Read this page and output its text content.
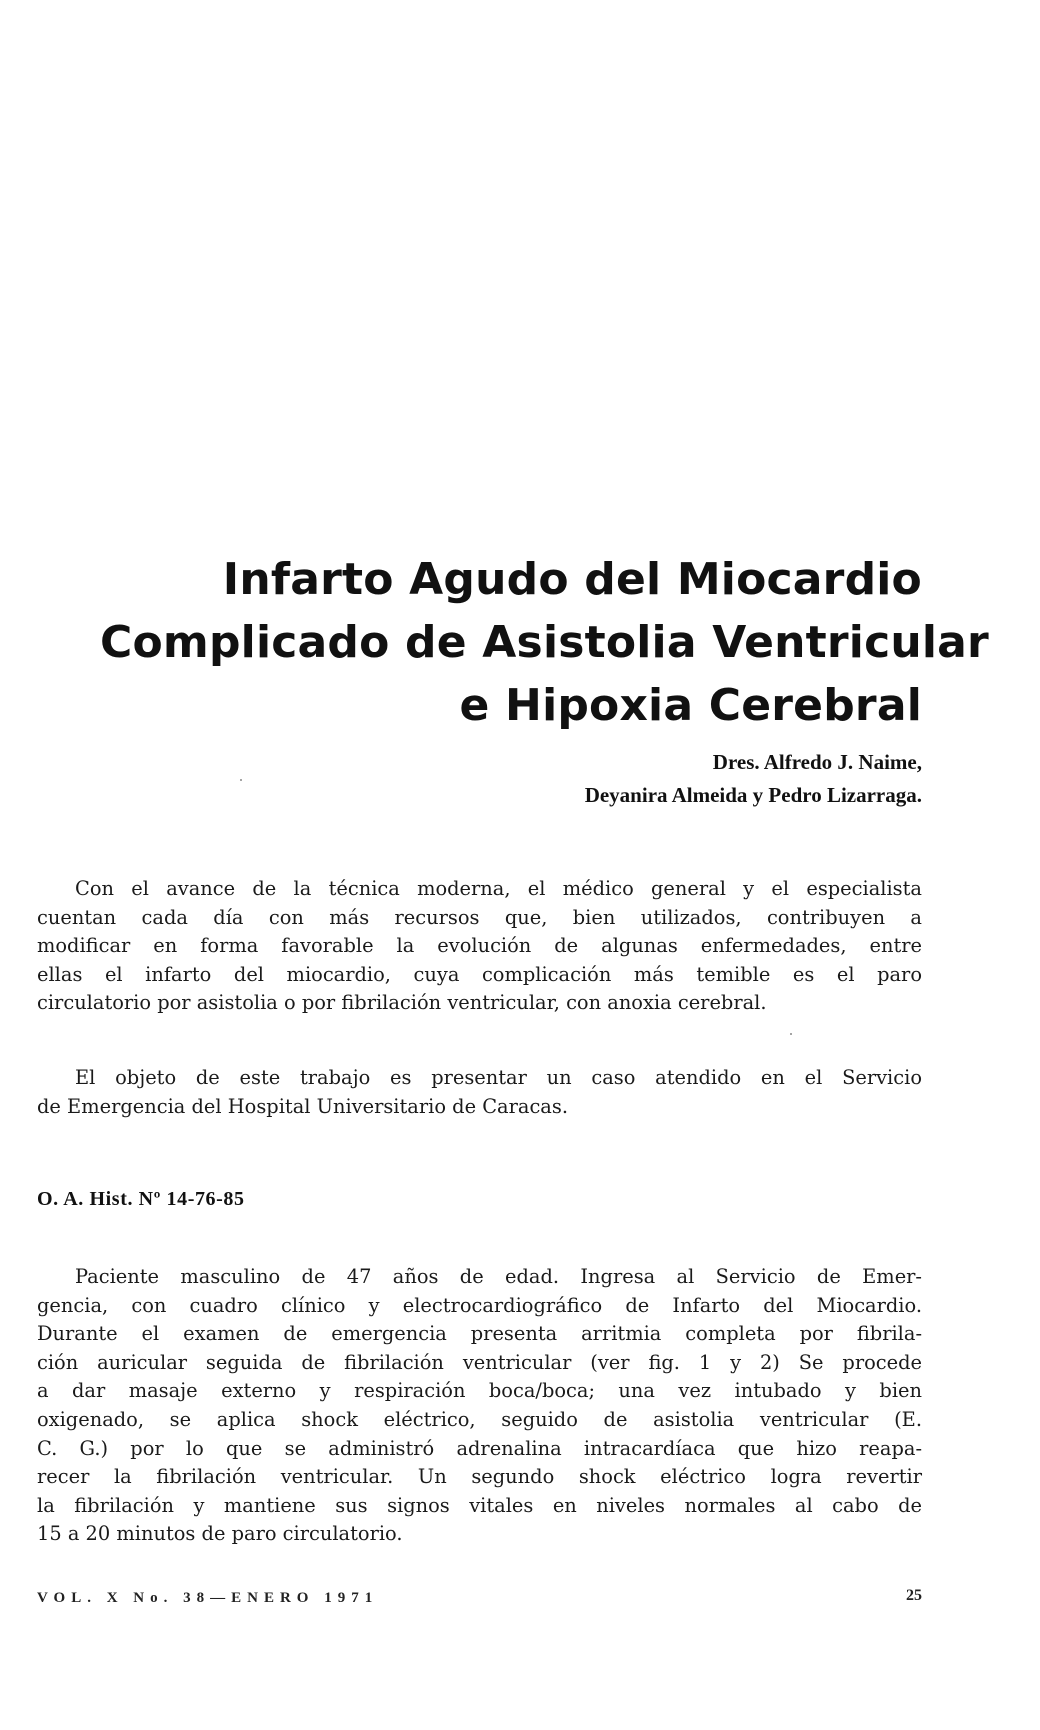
Infarto Agudo del Miocardio
Complicado de Asistolia Ventricular
e Hipoxia Cerebral
Dres. Alfredo J. Naime,
Deyanira Almeida y Pedro Lizarraga.
Con el avance de la técnica moderna, el médico general y el especialista
cuentan cada día con más recursos que, bien utilizados, contribuyen a
modificar en forma favorable la evolución de algunas enfermedades, entre
ellas el infarto del miocardio, cuya complicación más temible es el paro
circulatorio por asistolia o por fibrilación ventricular, con anoxia cerebral.
El objeto de este trabajo es presentar un caso atendido en el Servicio
de Emergencia del Hospital Universitario de Caracas.
O. A. Hist. Nº 14-76-85
Paciente masculino de 47 años de edad. Ingresa al Servicio de Emer-
gencia, con cuadro clínico y electrocardiográfico de Infarto del Miocardio.
Durante el examen de emergencia presenta arritmia completa por fibrila-
ción auricular seguida de fibrilación ventricular (ver fig. 1 y 2) Se procede
a dar masaje externo y respiración boca/boca; una vez intubado y bien
oxigenado, se aplica shock eléctrico, seguido de asistolia ventricular (E.
C. G.) por lo que se administró adrenalina intracardíaca que hizo reapa-
recer la fibrilación ventricular. Un segundo shock eléctrico logra revertir
la fibrilación y mantiene sus signos vitales en niveles normales al cabo de
15 a 20 minutos de paro circulatorio.
VOL. X No. 38—ENERO 1971	25
